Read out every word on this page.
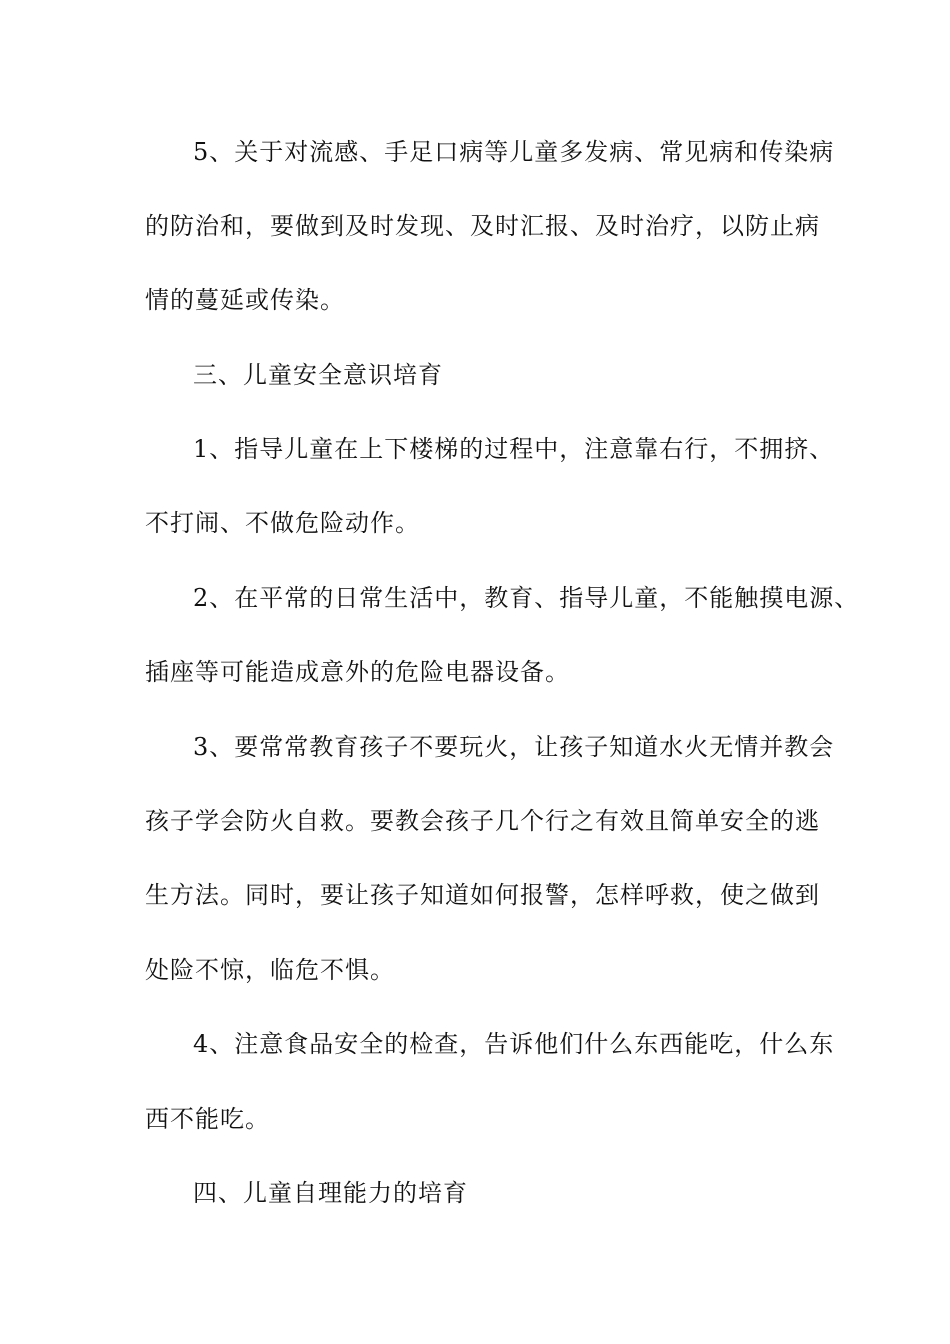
5、关于对流感、手足口病等儿童多发病、常见病和传染病
的防治和，要做到及时发现、及时汇报、及时治疗，以防止病
情的蔓延或传染。
三、儿童安全意识培育
1、指导儿童在上下楼梯的过程中，注意靠右行，不拥挤、
不打闹、不做危险动作。
2、在平常的日常生活中，教育、指导儿童，不能触摸电源、
插座等可能造成意外的危险电器设备。
3、要常常教育孩子不要玩火，让孩子知道水火无情并教会
孩子学会防火自救。要教会孩子几个行之有效且简单安全的逃
生方法。同时，要让孩子知道如何报警，怎样呼救，使之做到
处险不惊，临危不惧。
4、注意食品安全的检查，告诉他们什么东西能吃，什么东
西不能吃。
四、儿童自理能力的培育
